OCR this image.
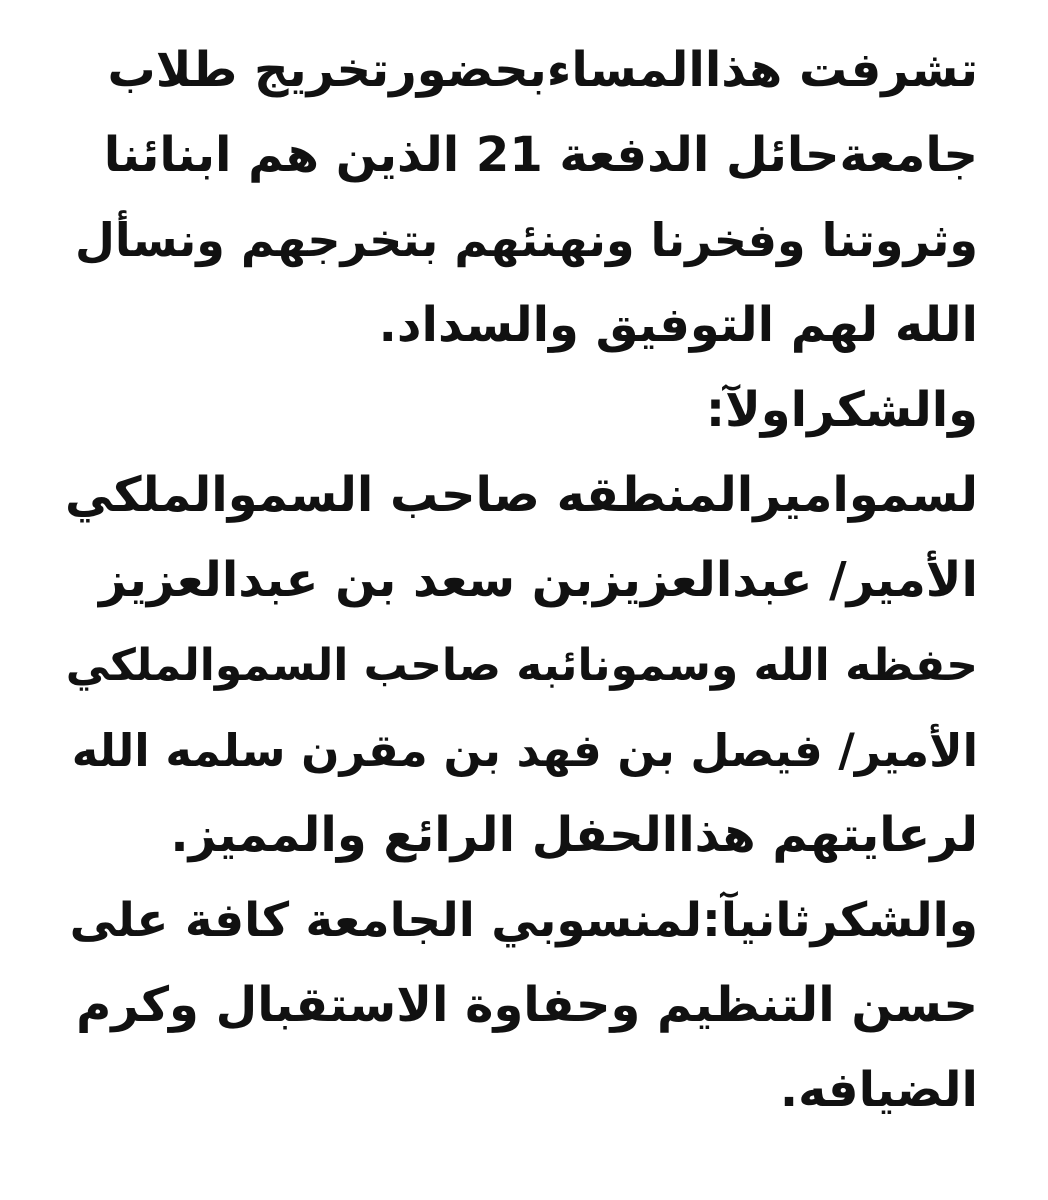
تشرفت هذاالمساءبحضورتخريج طلاب
جامعةحائل الدفعة 21 الذين هم ابنائنا
وثروتنا وفخرنا ونهنئهم بتخرجهم ونسأل
الله لهم التوفيق والسداد.
والشكراولآ:
لسمواميرالمنطقه صاحب السموالملكي
الأمير/ عبدالعزيزبن سعد بن عبدالعزيز
حفظه الله وسمونائبه صاحب السموالملكي
الأمير/ فيصل بن فهد بن مقرن سلمه الله
لرعايتهم هذاالحفل الرائع والمميز.
والشكرثانيآ:لمنسوبي الجامعة كافة على
حسن التنظيم وحفاوة الاستقبال وكرم
الضيافه.
